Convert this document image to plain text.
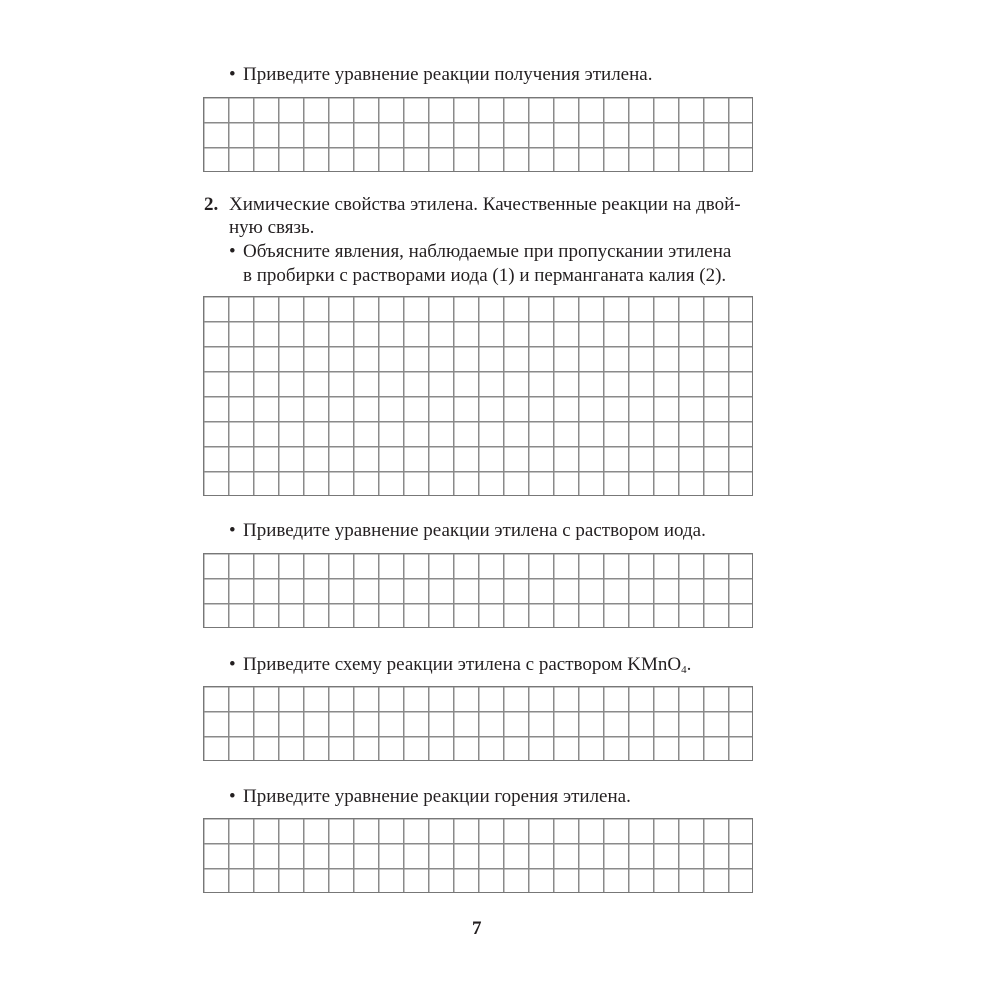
• Приведите уравнение реакции получения этилена.
2. Химические свойства этилена. Качественные реакции на двой-
ную связь.
• Объясните явления, наблюдаемые при пропускании этилена
в пробирки с растворами иода (1) и перманганата калия (2).
• Приведите уравнение реакции этилена с раствором иода.
• Приведите схему реакции этилена с раствором KMnO$_4$.
• Приведите уравнение реакции горения этилена.
7
